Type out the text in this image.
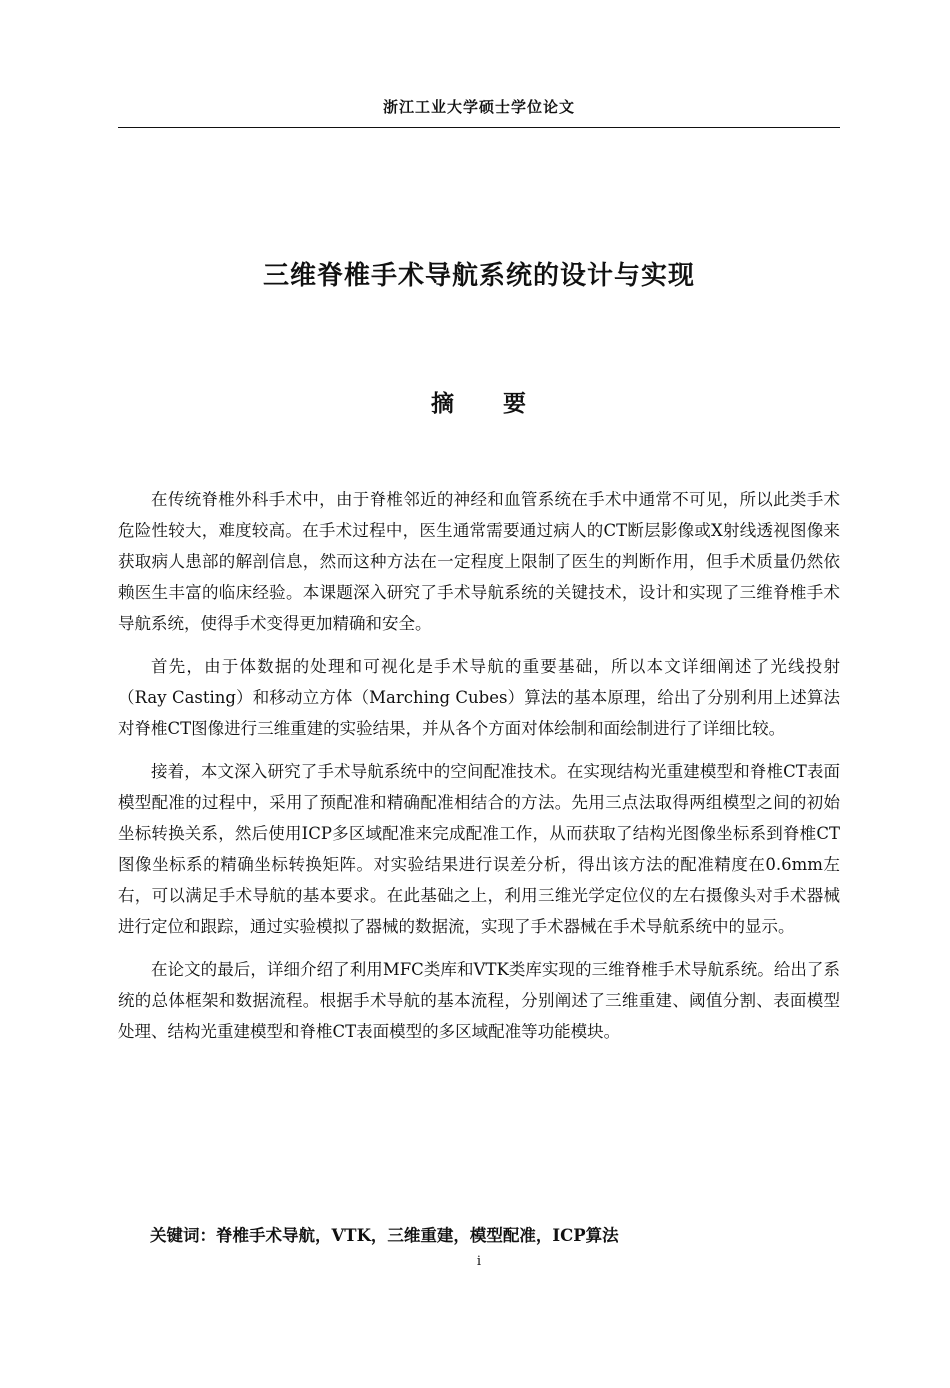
浙江工业大学硕士学位论文
三维脊椎手术导航系统的设计与实现
摘 要

在传统脊椎外科手术中，由于脊椎邻近的神经和血管系统在手术中通常不可见，所以此类手术危险性较大，难度较高。在手术过程中，医生通常需要通过病人的CT断层影像或X射线透视图像来获取病人患部的解剖信息，然而这种方法在一定程度上限制了医生的判断作用，但手术质量仍然依赖医生丰富的临床经验。本课题深入研究了手术导航系统的关键技术，设计和实现了三维脊椎手术导航系统，使得手术变得更加精确和安全。

首先，由于体数据的处理和可视化是手术导航的重要基础，所以本文详细阐述了光线投射（Ray Casting）和移动立方体（Marching Cubes）算法的基本原理，给出了分别利用上述算法对脊椎CT图像进行三维重建的实验结果，并从各个方面对体绘制和面绘制进行了详细比较。

接着，本文深入研究了手术导航系统中的空间配准技术。在实现结构光重建模型和脊椎CT表面模型配准的过程中，采用了预配准和精确配准相结合的方法。先用三点法取得两组模型之间的初始坐标转换关系，然后使用ICP多区域配准来完成配准工作，从而获取了结构光图像坐标系到脊椎CT图像坐标系的精确坐标转换矩阵。对实验结果进行误差分析，得出该方法的配准精度在0.6mm左右，可以满足手术导航的基本要求。在此基础之上，利用三维光学定位仪的左右摄像头对手术器械进行定位和跟踪，通过实验模拟了器械的数据流，实现了手术器械在手术导航系统中的显示。

在论文的最后，详细介绍了利用MFC类库和VTK类库实现的三维脊椎手术导航系统。给出了系统的总体框架和数据流程。根据手术导航的基本流程，分别阐述了三维重建、阈值分割、表面模型处理、结构光重建模型和脊椎CT表面模型的多区域配准等功能模块。

关键词：脊椎手术导航，VTK，三维重建，模型配准，ICP算法
i
